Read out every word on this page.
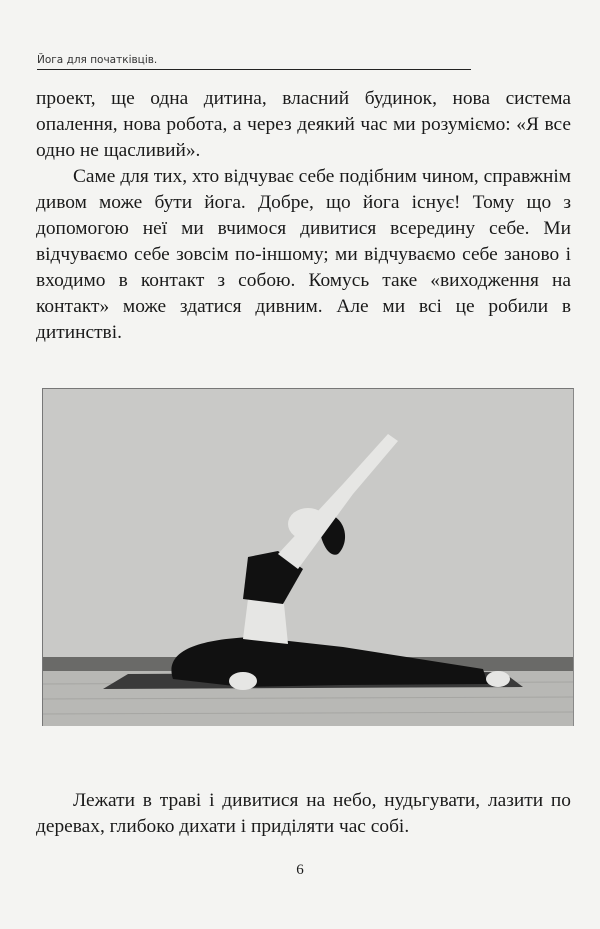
Йога для початківців.

проект, ще одна дитина, власний будинок, нова система опалення, нова робота, а через деякий час ми розуміємо: «Я все одно не щасливий».

Саме для тих, хто відчуває себе подібним чином, справжнім дивом може бути йога. Добре, що йога існує! Тому що з допомогою неї ми вчимося дивитися всередину себе. Ми відчуваємо себе зовсім по-іншому; ми відчуваємо себе заново і входимо в контакт з собою. Комусь таке «виходження на контакт» може здатися дивним. Але ми всі це робили в дитинстві.

Лежати в траві і дивитися на небо, нудьгувати, лазити по деревах, глибоко дихати і приділяти час собі.

6
